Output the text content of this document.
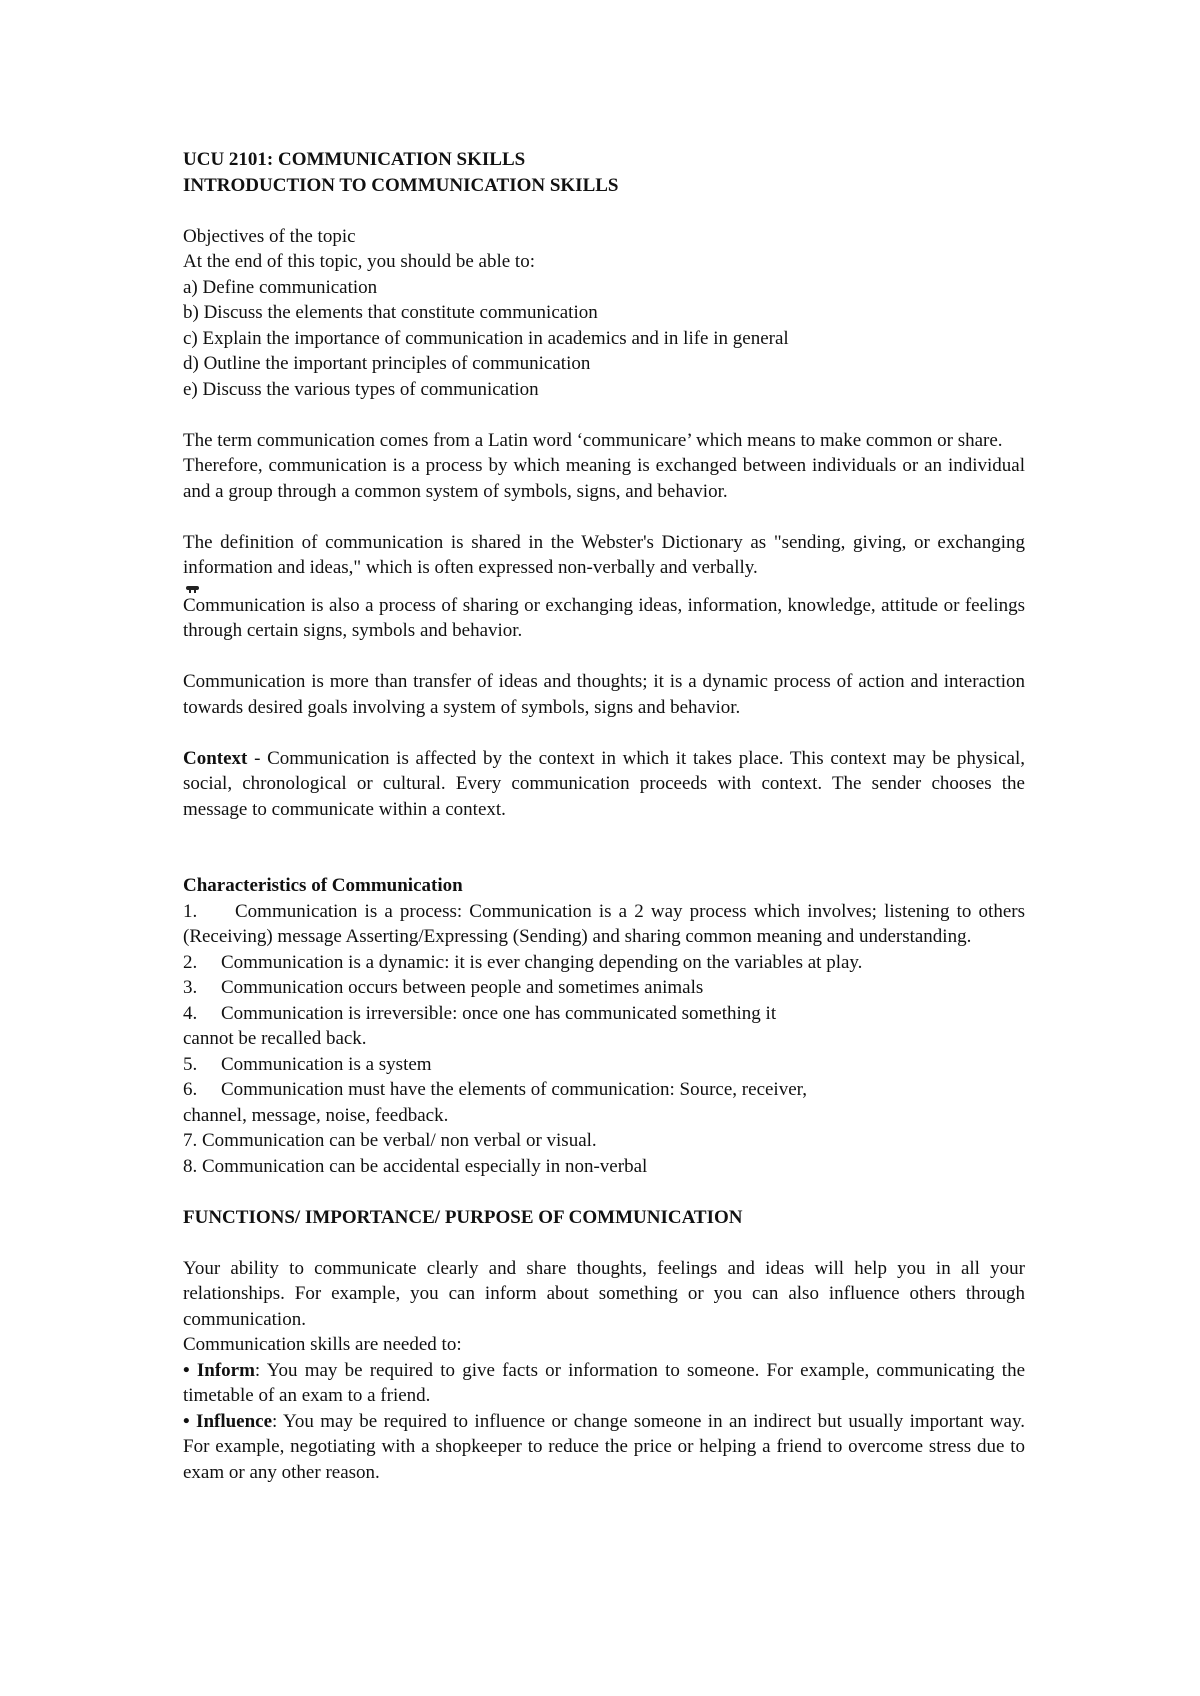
UCU 2101: COMMUNICATION SKILLS
INTRODUCTION TO COMMUNICATION SKILLS
Objectives of the topic
At the end of this topic, you should be able to:
a) Define communication
b) Discuss the elements that constitute communication
c) Explain the importance of communication in academics and in life in general
d) Outline the important principles of communication
e) Discuss the various types of communication
The term communication comes from a Latin word ‘communicare’ which means to make common or share.
Therefore, communication is a process by which meaning is exchanged between individuals or an individual and a group through a common system of symbols, signs, and behavior.
The definition of communication is shared in the Webster's Dictionary as "sending, giving, or exchanging information and ideas," which is often expressed non-verbally and verbally.
Communication is also a process of sharing or exchanging ideas, information, knowledge, attitude or feelings through certain signs, symbols and behavior.
Communication is more than transfer of ideas and thoughts; it is a dynamic process of action and interaction towards desired goals involving a system of symbols, signs and behavior.
Context - Communication is affected by the context in which it takes place. This context may be physical, social, chronological or cultural. Every communication proceeds with context. The sender chooses the message to communicate within a context.
Characteristics of Communication
1. Communication is a process: Communication is a 2 way process which involves; listening to others (Receiving) message Asserting/Expressing (Sending) and sharing common meaning and understanding.
2. Communication is a dynamic: it is ever changing depending on the variables at play.
3. Communication occurs between people and sometimes animals
4. Communication is irreversible: once one has communicated something it
cannot be recalled back.
5. Communication is a system
6. Communication must have the elements of communication: Source, receiver,
channel, message, noise, feedback.
7. Communication can be verbal/ non verbal or visual.
8. Communication can be accidental especially in non-verbal
FUNCTIONS/ IMPORTANCE/ PURPOSE OF COMMUNICATION
Your ability to communicate clearly and share thoughts, feelings and ideas will help you in all your relationships. For example, you can inform about something or you can also influence others through communication.
Communication skills are needed to:
• Inform: You may be required to give facts or information to someone. For example, communicating the timetable of an exam to a friend.
• Influence: You may be required to influence or change someone in an indirect but usually important way. For example, negotiating with a shopkeeper to reduce the price or helping a friend to overcome stress due to exam or any other reason.
